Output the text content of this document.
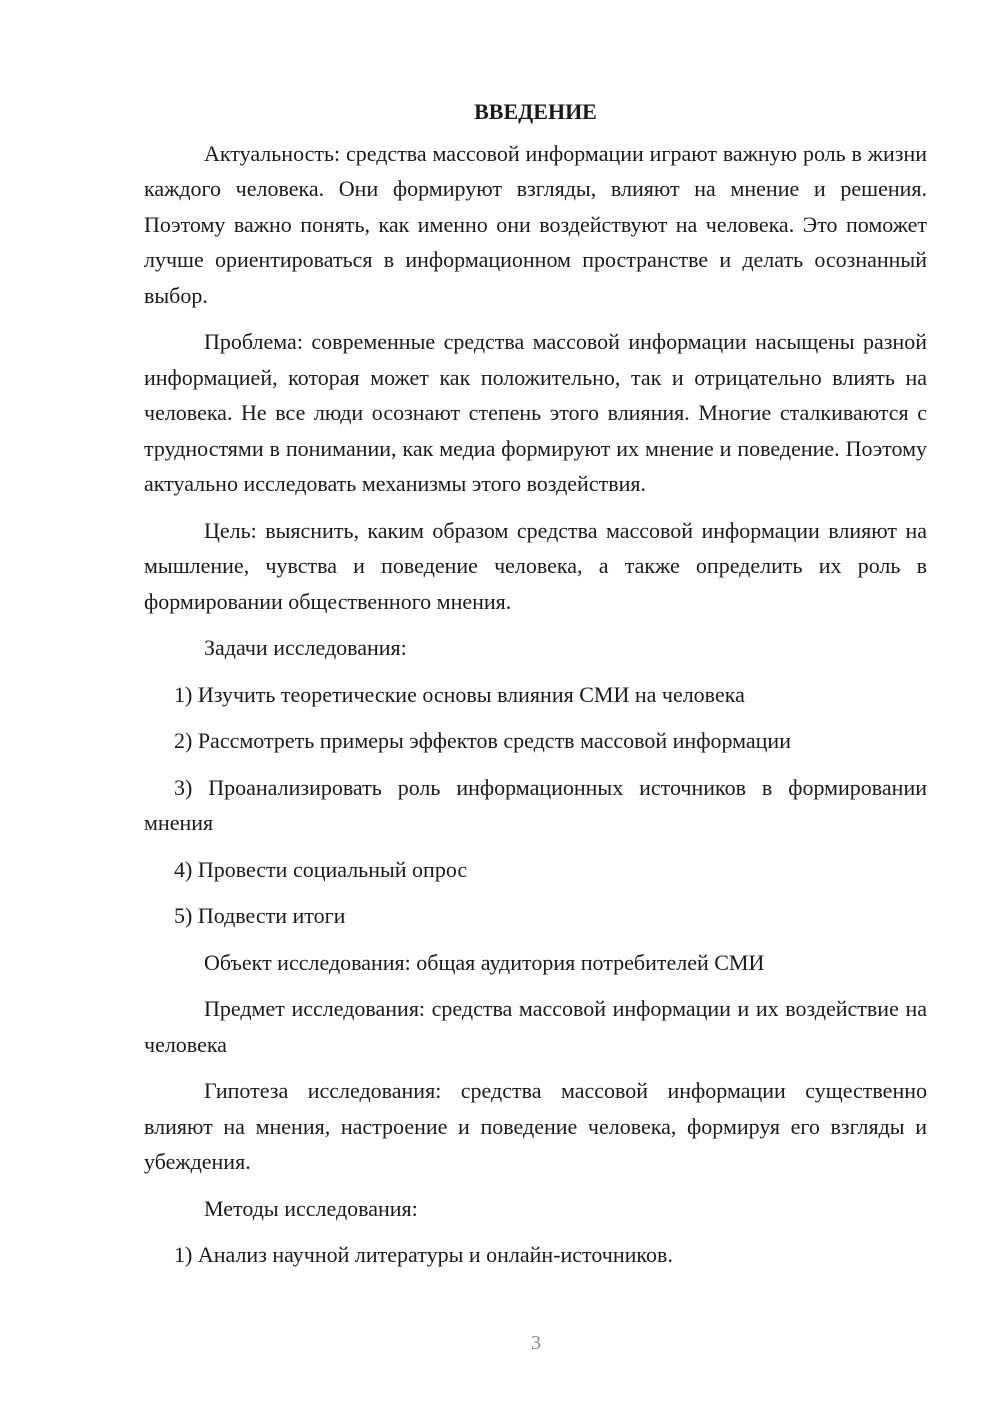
ВВЕДЕНИЕ

Актуальность: средства массовой информации играют важную роль в жизни каждого человека. Они формируют взгляды, влияют на мнение и решения. Поэтому важно понять, как именно они воздействуют на человека. Это поможет лучше ориентироваться в информационном пространстве и делать осознанный выбор.

Проблема: современные средства массовой информации насыщены разной информацией, которая может как положительно, так и отрицательно влиять на человека. Не все люди осознают степень этого влияния. Многие сталкиваются с трудностями в понимании, как медиа формируют их мнение и поведение. Поэтому актуально исследовать механизмы этого воздействия.

Цель: выяснить, каким образом средства массовой информации влияют на мышление, чувства и поведение человека, а также определить их роль в формировании общественного мнения.

Задачи исследования:

1) Изучить теоретические основы влияния СМИ на человека

2) Рассмотреть примеры эффектов средств массовой информации

3) Проанализировать роль информационных источников в формировании мнения

4) Провести социальный опрос

5) Подвести итоги

Объект исследования: общая аудитория потребителей СМИ

Предмет исследования: средства массовой информации и их воздействие на человека

Гипотеза исследования: средства массовой информации существенно влияют на мнения, настроение и поведение человека, формируя его взгляды и убеждения.

Методы исследования:

1) Анализ научной литературы и онлайн-источников.

3
